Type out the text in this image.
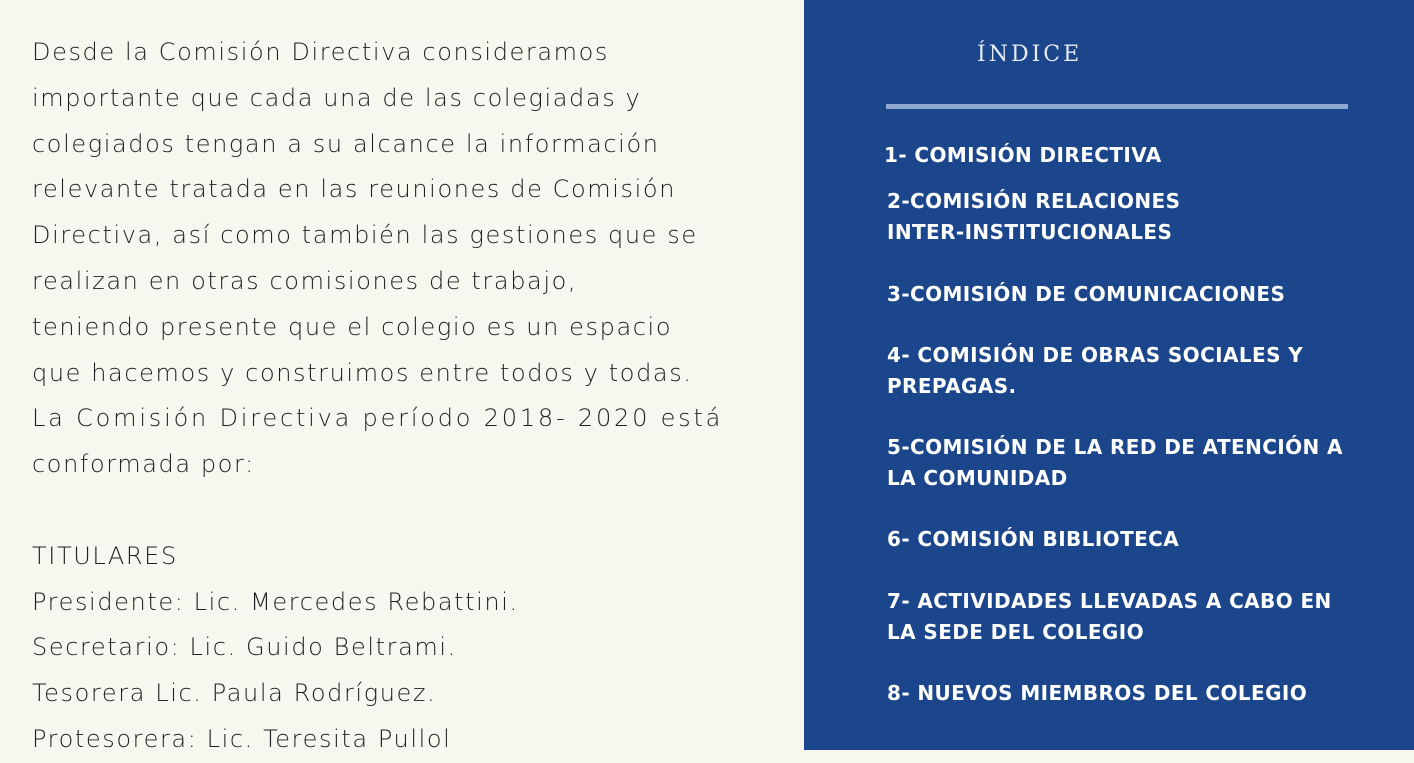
Desde la Comisión Directiva consideramos
importante que cada una de las colegiadas y
colegiados tengan a su alcance la información
relevante tratada en las reuniones de Comisión
Directiva, así como también las gestiones que se
realizan en otras comisiones de trabajo,
teniendo presente que el colegio es un espacio
que hacemos y construimos entre todos y todas.
La Comisión Directiva período 2018- 2020 está
conformada por:
TITULARES
Presidente: Lic. Mercedes Rebattini.
Secretario: Lic. Guido Beltrami.
Tesorera Lic. Paula Rodríguez.
Protesorera: Lic. Teresita Pullol
ÍNDICE
1- COMISIÓN DIRECTIVA
2-COMISIÓN RELACIONES
INTER-INSTITUCIONALES
3-COMISIÓN DE COMUNICACIONES
4- COMISIÓN DE OBRAS SOCIALES Y
PREPAGAS.
5-COMISIÓN DE LA RED DE ATENCIÓN A
LA COMUNIDAD
6- COMISIÓN BIBLIOTECA
7- ACTIVIDADES LLEVADAS A CABO EN
LA SEDE DEL COLEGIO
8- NUEVOS MIEMBROS DEL COLEGIO
